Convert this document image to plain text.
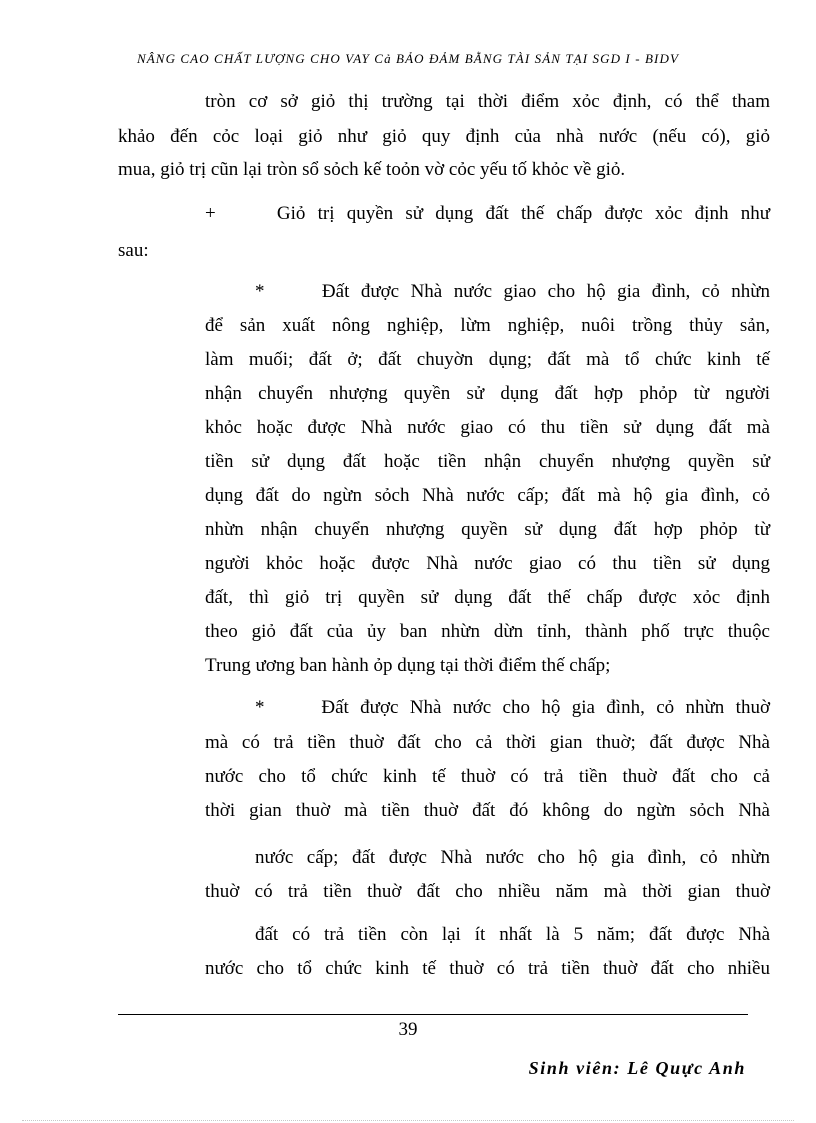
NÂNG CAO CHẤT LƯỢNG CHO VAY Cả BẢO ĐẢM BẰNG TÀI SẢN TẠI SGD I - BIDV
tròn cơ sở giỏ thị trường tại thời điểm xỏc định, có thể tham
khảo đến cỏc loại giỏ như giỏ quy định của nhà nước (nếu có), giỏ
mua, giỏ trị cũn lại tròn sổ sỏch kế toỏn vờ cỏc yếu tố khỏc về giỏ.
+     Giỏ trị quyền sử dụng đất thế chấp được xỏc định như
sau:
*     Đất được Nhà nước giao cho hộ gia đình, cỏ nhừn
để sản xuất nông nghiệp, lừm nghiệp, nuôi trồng thủy sản,
làm muối; đất ở; đất chuyờn dụng; đất mà tổ chức kinh tế
nhận chuyển nhượng quyền sử dụng đất hợp phỏp từ người
khỏc hoặc được Nhà nước giao có thu tiền sử dụng đất mà
tiền sử dụng đất hoặc tiền nhận chuyển nhượng quyền sử
dụng đất do ngừn sỏch Nhà nước cấp; đất mà hộ gia đình, cỏ
nhừn nhận chuyển nhượng quyền sử dụng đất hợp phỏp từ
người khỏc hoặc được Nhà nước giao có thu tiền sử dụng
đất, thì giỏ trị quyền sử dụng đất thế chấp được xỏc định
theo giỏ đất của ủy ban nhừn dừn tỉnh, thành phố trực thuộc
Trung ương ban hành ỏp dụng tại thời điểm thế chấp;
*     Đất được Nhà nước cho hộ gia đình, cỏ nhừn thuờ
mà có trả tiền thuờ đất cho cả thời gian thuờ; đất được Nhà
nước cho tổ chức kinh tế thuờ có trả tiền thuờ đất cho cả
thời gian thuờ mà tiền thuờ đất đó không do ngừn sỏch Nhà
nước cấp; đất được Nhà nước cho hộ gia đình, cỏ nhừn
thuờ có trả tiền thuờ đất cho nhiều năm mà thời gian thuờ
đất có trả tiền còn lại ít nhất là 5 năm; đất được Nhà
nước cho tổ chức kinh tế thuờ có trả tiền thuờ đất cho nhiều
39
Sinh viên: Lê Quực Anh
